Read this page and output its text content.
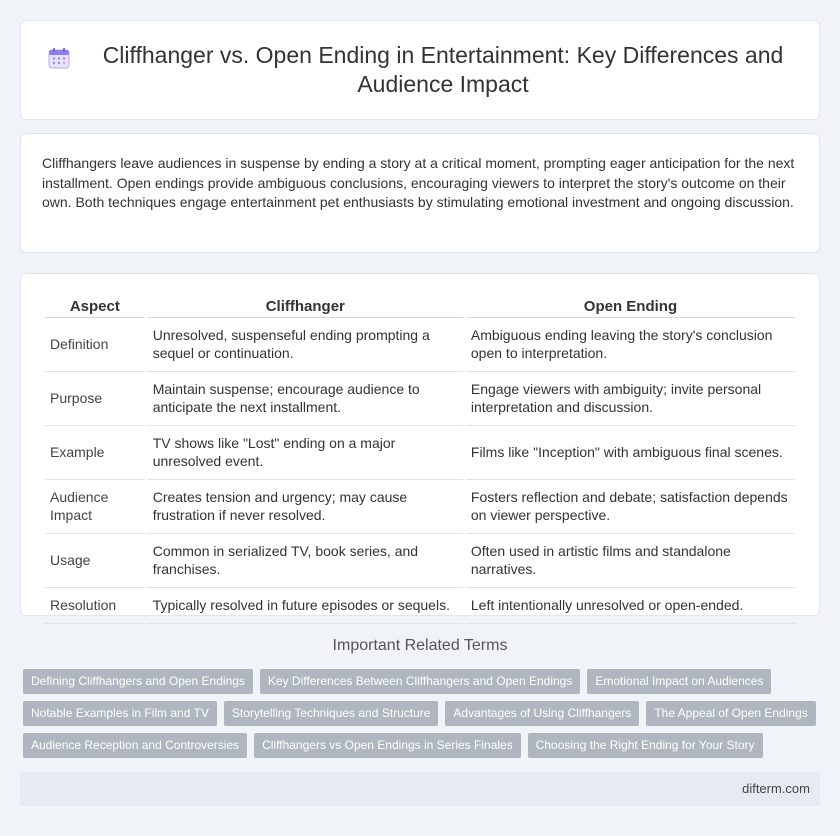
Cliffhanger vs. Open Ending in Entertainment: Key Differences and Audience Impact

Cliffhangers leave audiences in suspense by ending a story at a critical moment, prompting eager anticipation for the next installment. Open endings provide ambiguous conclusions, encouraging viewers to interpret the story's outcome on their own. Both techniques engage entertainment pet enthusiasts by stimulating emotional investment and ongoing discussion.

Aspect	Cliffhanger	Open Ending
Definition	Unresolved, suspenseful ending prompting a sequel or continuation.	Ambiguous ending leaving the story's conclusion open to interpretation.
Purpose	Maintain suspense; encourage audience to anticipate the next installment.	Engage viewers with ambiguity; invite personal interpretation and discussion.
Example	TV shows like "Lost" ending on a major unresolved event.	Films like "Inception" with ambiguous final scenes.
Audience Impact	Creates tension and urgency; may cause frustration if never resolved.	Fosters reflection and debate; satisfaction depends on viewer perspective.
Usage	Common in serialized TV, book series, and franchises.	Often used in artistic films and standalone narratives.
Resolution	Typically resolved in future episodes or sequels.	Left intentionally unresolved or open-ended.
Important Related Terms
Defining Cliffhangers and Open Endings	Key Differences Between Cliffhangers and Open Endings	Emotional Impact on Audiences
Notable Examples in Film and TV	Storytelling Techniques and Structure	Advantages of Using Cliffhangers	The Appeal of Open Endings
Audience Reception and Controversies	Cliffhangers vs Open Endings in Series Finales	Choosing the Right Ending for Your Story
difterm.com
